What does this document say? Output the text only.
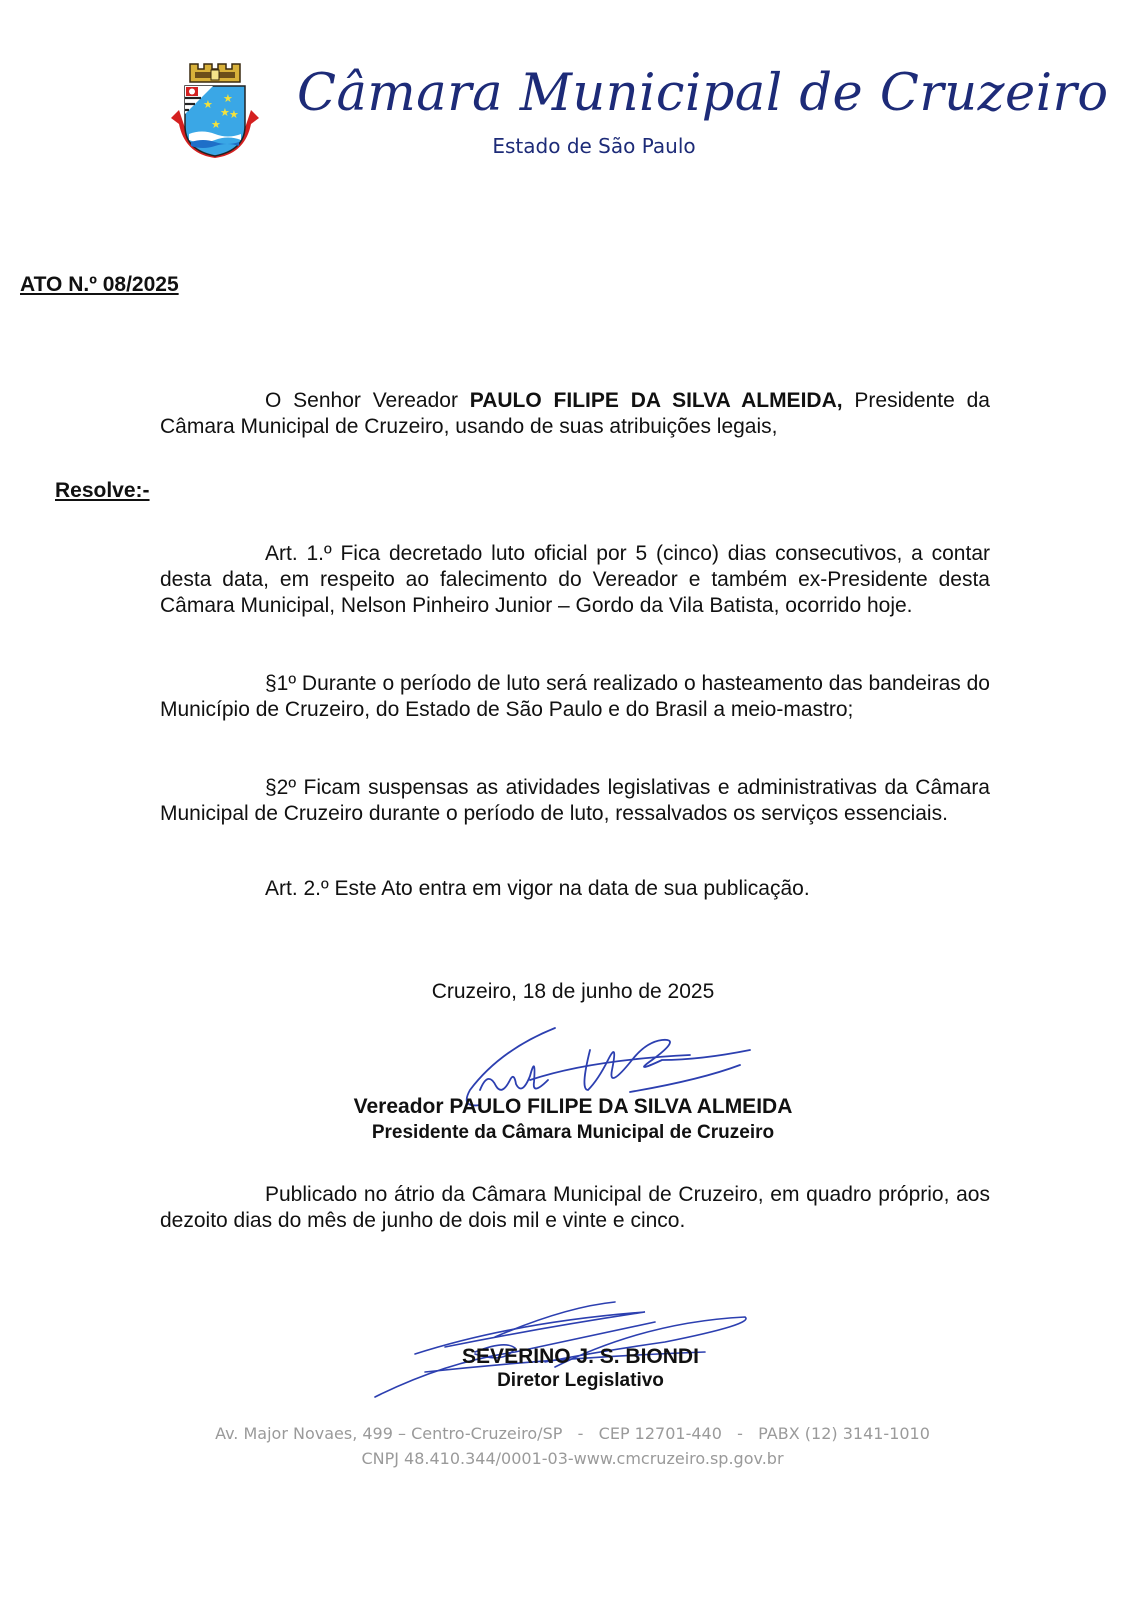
★
★
★ ★
★
Câmara Municipal de Cruzeiro
Estado de São Paulo
ATO N.º 08/2025
O Senhor Vereador PAULO FILIPE DA SILVA ALMEIDA, Presidente da Câmara Municipal de Cruzeiro, usando de suas atribuições legais,
Resolve:-
Art. 1.º Fica decretado luto oficial por 5 (cinco) dias consecutivos, a contar desta data, em respeito ao falecimento do Vereador e também ex-Presidente desta Câmara Municipal, Nelson Pinheiro Junior – Gordo da Vila Batista, ocorrido hoje.
§1º Durante o período de luto será realizado o hasteamento das bandeiras do Município de Cruzeiro, do Estado de São Paulo e do Brasil a meio-mastro;
§2º Ficam suspensas as atividades legislativas e administrativas da Câmara Municipal de Cruzeiro durante o período de luto, ressalvados os serviços essenciais.
Art. 2.º Este Ato entra em vigor na data de sua publicação.
Cruzeiro, 18 de junho de 2025
Vereador PAULO FILIPE DA SILVA ALMEIDA
Presidente da Câmara Municipal de Cruzeiro
Publicado no átrio da Câmara Municipal de Cruzeiro, em quadro próprio, aos dezoito dias do mês de junho de dois mil e vinte e cinco.
SEVERINO J. S. BIONDI
Diretor Legislativo
Av. Major Novaes, 499 – Centro-Cruzeiro/SP   -   CEP 12701-440   -   PABX (12) 3141-1010
CNPJ 48.410.344/0001-03-www.cmcruzeiro.sp.gov.br
